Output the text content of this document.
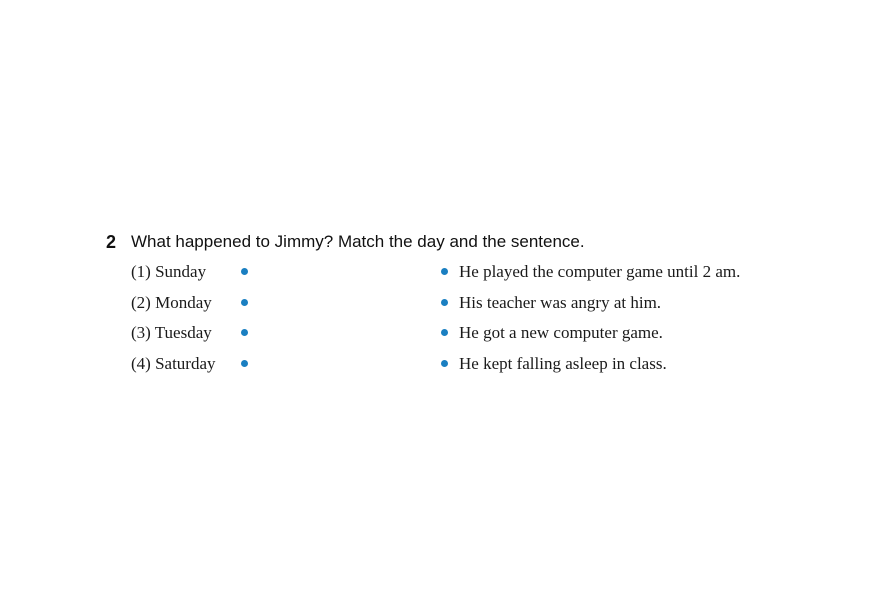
2 What happened to Jimmy? Match the day and the sentence.
(1) Sunday
(2) Monday
(3) Tuesday
(4) Saturday
He played the computer game until 2 am.
His teacher was angry at him.
He got a new computer game.
He kept falling asleep in class.
